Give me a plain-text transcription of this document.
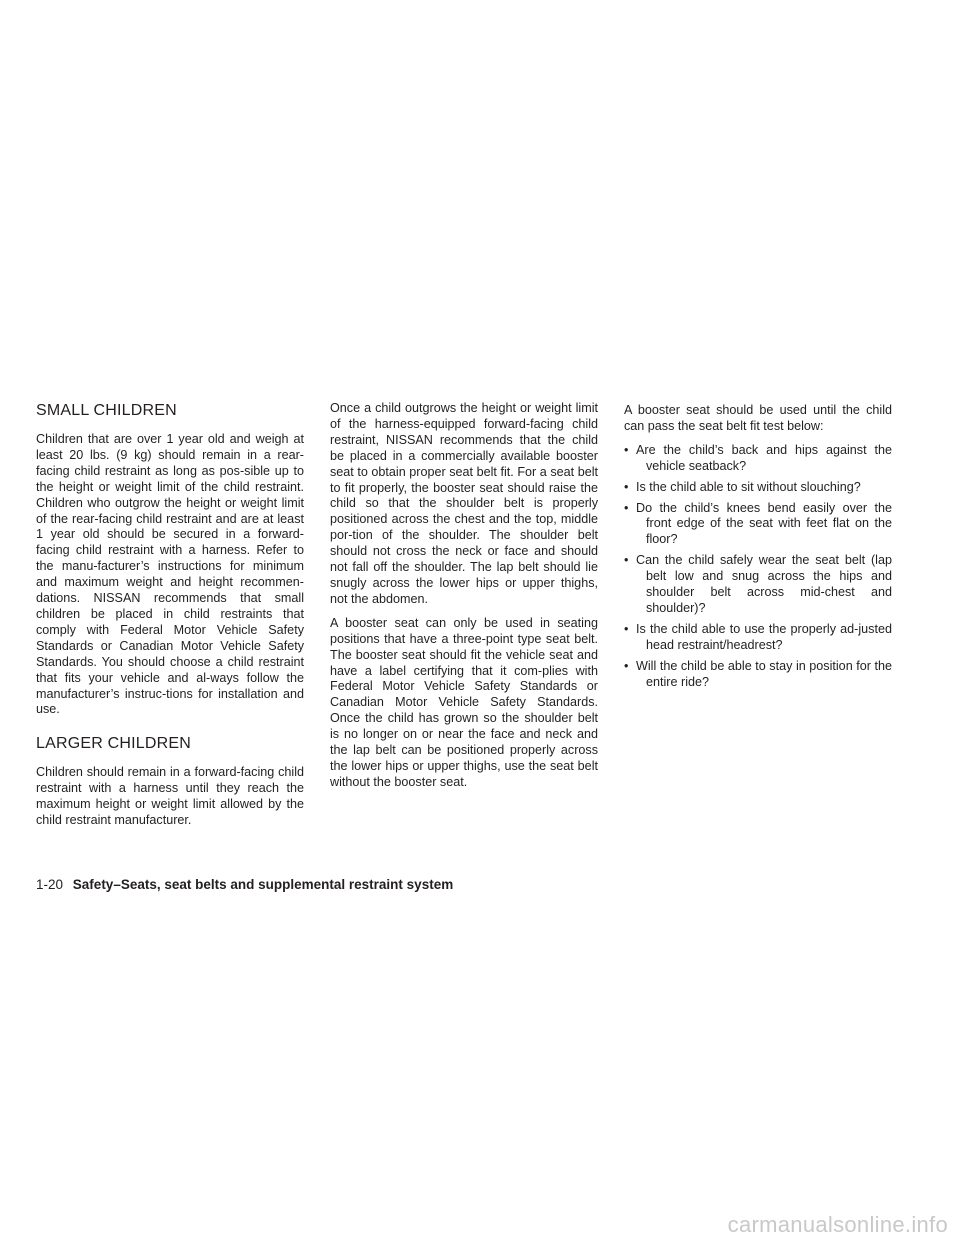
SMALL CHILDREN

Children that are over 1 year old and weigh at least 20 lbs. (9 kg) should remain in a rear-facing child restraint as long as pos-sible up to the height or weight limit of the child restraint. Children who outgrow the height or weight limit of the rear-facing child restraint and are at least 1 year old should be secured in a forward-facing child restraint with a harness. Refer to the manu-facturer’s instructions for minimum and maximum weight and height recommen-dations. NISSAN recommends that small children be placed in child restraints that comply with Federal Motor Vehicle Safety Standards or Canadian Motor Vehicle Safety Standards. You should choose a child restraint that fits your vehicle and al-ways follow the manufacturer’s instruc-tions for installation and use.

LARGER CHILDREN

Children should remain in a forward-facing child restraint with a harness until they reach the maximum height or weight limit allowed by the child restraint manufacturer.

Once a child outgrows the height or weight limit of the harness-equipped forward-facing child restraint, NISSAN recommends that the child be placed in a commercially available booster seat to obtain proper seat belt fit. For a seat belt to fit properly, the booster seat should raise the child so that the shoulder belt is properly positioned across the chest and the top, middle por-tion of the shoulder. The shoulder belt should not cross the neck or face and should not fall off the shoulder. The lap belt should lie snugly across the lower hips or upper thighs, not the abdomen.

A booster seat can only be used in seating positions that have a three-point type seat belt. The booster seat should fit the vehicle seat and have a label certifying that it com-plies with Federal Motor Vehicle Safety Standards or Canadian Motor Vehicle Safety Standards. Once the child has grown so the shoulder belt is no longer on or near the face and neck and the lap belt can be positioned properly across the lower hips or upper thighs, use the seat belt without the booster seat.

A booster seat should be used until the child can pass the seat belt fit test below:

• Are the child’s back and hips against the vehicle seatback?
• Is the child able to sit without slouching?
• Do the child’s knees bend easily over the front edge of the seat with feet flat on the floor?
• Can the child safely wear the seat belt (lap belt low and snug across the hips and shoulder belt across mid-chest and shoulder)?
• Is the child able to use the properly ad-justed head restraint/headrest?
• Will the child be able to stay in position for the entire ride?
1-20 Safety–Seats, seat belts and supplemental restraint system
carmanualsonline.info
